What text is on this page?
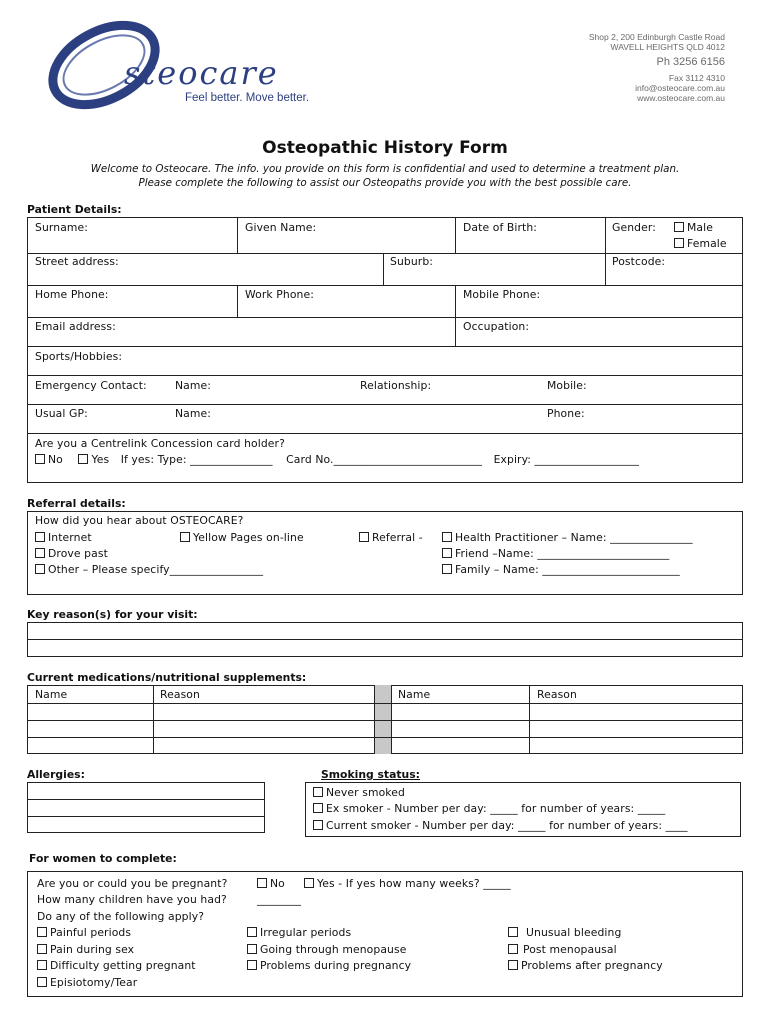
steocare
Feel better. Move better.
Shop 2, 200 Edinburgh Castle Road
WAVELL HEIGHTS QLD 4012
Ph 3256 6156
Fax 3112 4310
info@osteocare.com.au
www.osteocare.com.au
Osteopathic History Form
Welcome to Osteocare. The info. you provide on this form is confidential and used to determine a treatment plan.
Please complete the following to assist our Osteopaths provide you with the best possible care.
Patient Details:
Surname:	Given Name:	Date of Birth:	Gender:	Male
Female
Street address:	Suburb:	Postcode:
Home Phone:	Work Phone:	Mobile Phone:
Email address:	Occupation:
Sports/Hobbies:
Emergency Contact:	Name:	Relationship:	Mobile:
Usual GP:	Name:	Phone:
Are you a Centrelink Concession card holder?
No	Yes If yes: Type: _______________ Card No.___________________________ Expiry: ___________________
Referral details:
How did you hear about OSTEOCARE?
Internet	Yellow Pages on-line	Referral -	Health Practitioner – Name: _______________
Drove past	Friend –Name: ________________________
Other – Please specify_________________	Family – Name: _________________________
Key reason(s) for your visit:
Current medications/nutritional supplements:
Name	Reason	Name	Reason
Allergies:	Smoking status:
Never smoked
Ex smoker - Number per day: _____ for number of years: _____
Current smoker - Number per day: _____ for number of years: ____
For women to complete:
Are you or could you be pregnant?	No	Yes - If yes how many weeks? _____
How many children have you had?	________
Do any of the following apply?
Painful periods	Irregular periods	Unusual bleeding
Pain during sex	Going through menopause	Post menopausal
Difficulty getting pregnant	Problems during pregnancy	Problems after pregnancy
Episiotomy/Tear
